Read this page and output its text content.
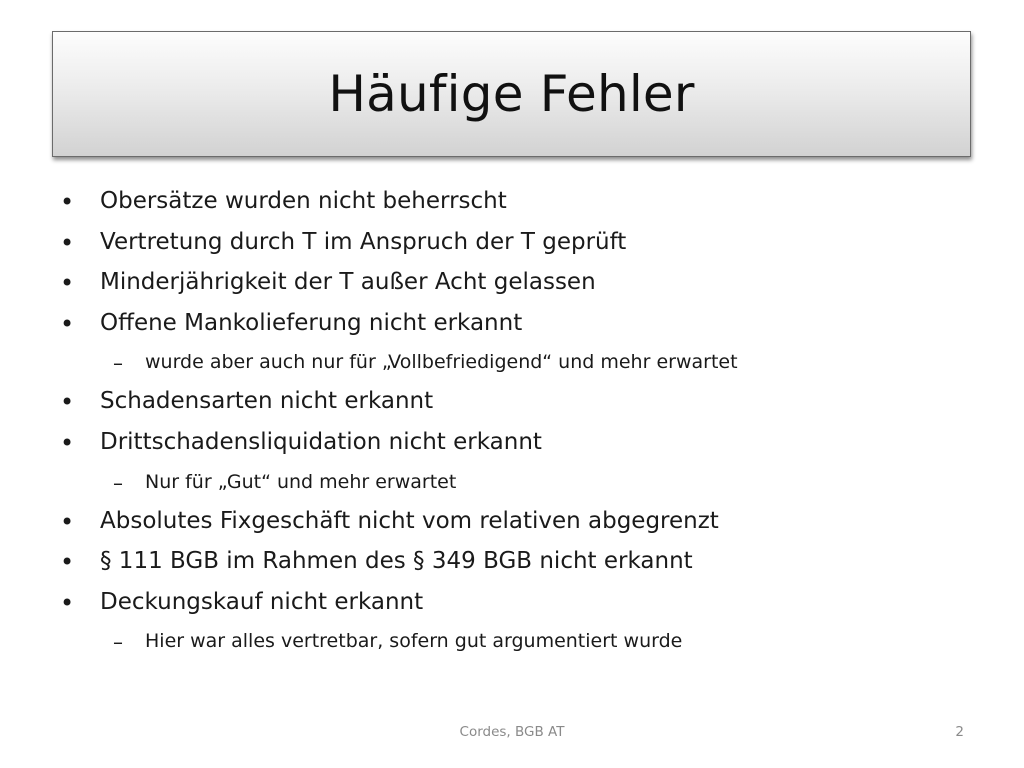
Häufige Fehler
• Obersätze wurden nicht beherrscht
• Vertretung durch T im Anspruch der T geprüft
• Minderjährigkeit der T außer Acht gelassen
• Offene Mankolieferung nicht erkannt
– wurde aber auch nur für „Vollbefriedigend“ und mehr erwartet
• Schadensarten nicht erkannt
• Drittschadensliquidation nicht erkannt
– Nur für „Gut“ und mehr erwartet
• Absolutes Fixgeschäft nicht vom relativen abgegrenzt
• § 111 BGB im Rahmen des § 349 BGB nicht erkannt
• Deckungskauf nicht erkannt
– Hier war alles vertretbar, sofern gut argumentiert wurde
Cordes, BGB AT	2
